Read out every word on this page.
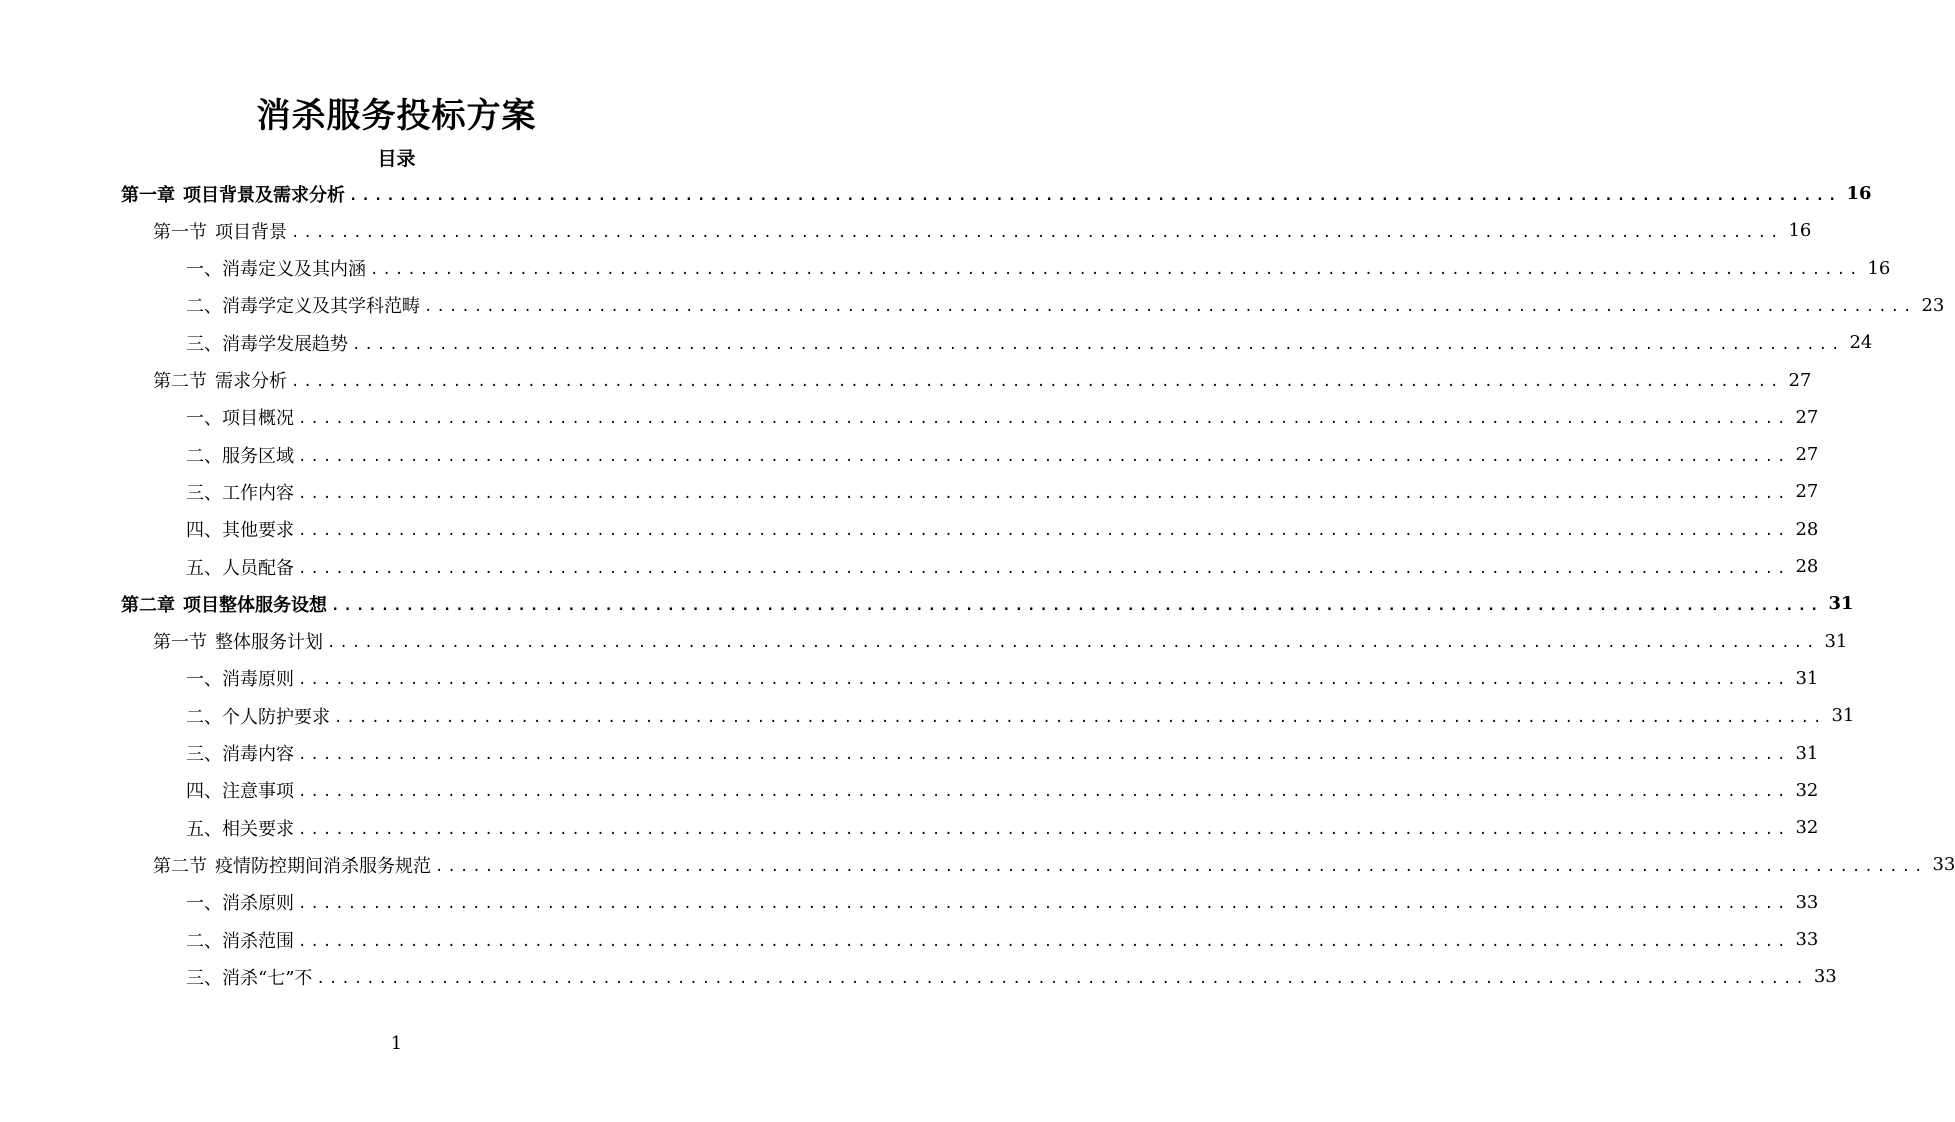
消杀服务投标方案
目录
第一章 项目背景及需求分析 ........................................................................................................................ 16
第一节 项目背景 ........................................................................................................................ 16
一、消毒定义及其内涵 ........................................................................................................................ 16
二、消毒学定义及其学科范畴 ........................................................................................................................ 23
三、消毒学发展趋势 ........................................................................................................................ 24
第二节 需求分析 ........................................................................................................................ 27
一、项目概况 ........................................................................................................................ 27
二、服务区域 ........................................................................................................................ 27
三、工作内容 ........................................................................................................................ 27
四、其他要求 ........................................................................................................................ 28
五、人员配备 ........................................................................................................................ 28
第二章 项目整体服务设想 ........................................................................................................................ 31
第一节 整体服务计划 ........................................................................................................................ 31
一、消毒原则 ........................................................................................................................ 31
二、个人防护要求 ........................................................................................................................ 31
三、消毒内容 ........................................................................................................................ 31
四、注意事项 ........................................................................................................................ 32
五、相关要求 ........................................................................................................................ 32
第二节 疫情防控期间消杀服务规范 ........................................................................................................................ 33
一、消杀原则 ........................................................................................................................ 33
二、消杀范围 ........................................................................................................................ 33
三、消杀“七”不 ........................................................................................................................ 33
1
